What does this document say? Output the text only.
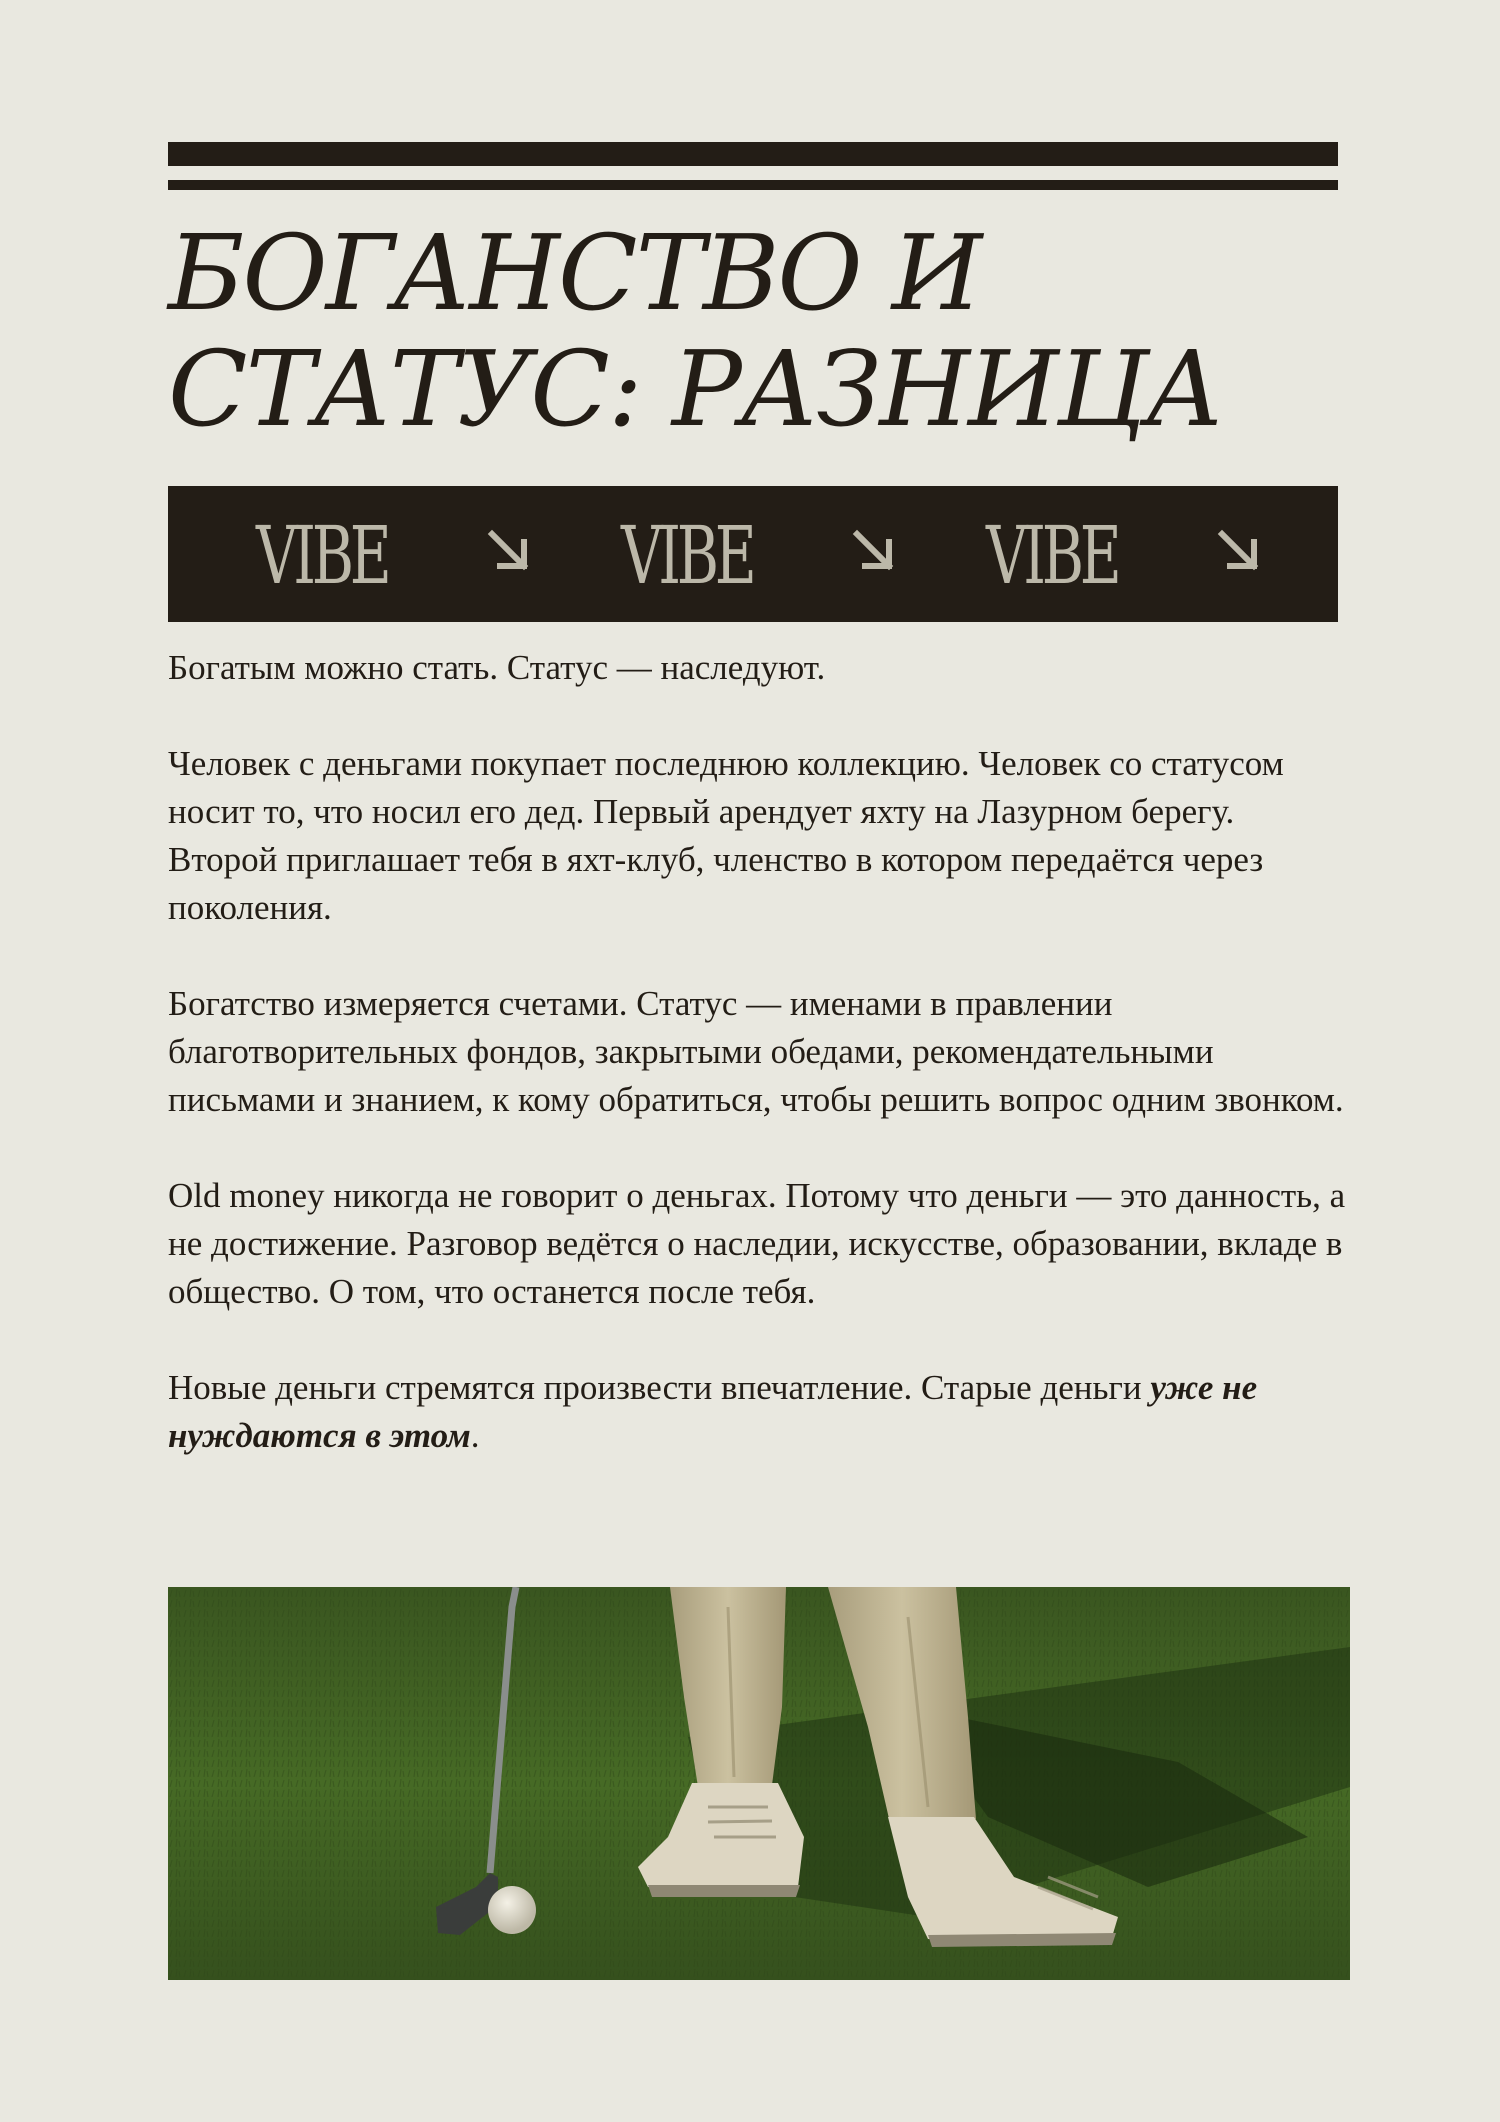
БОГАНСТВО И СТАТУС: РАЗНИЦА
VIBE	VIBE	VIBE

Богатым можно стать. Статус — наследуют.

Человек с деньгами покупает последнюю коллекцию. Человек со статусом носит то, что носил его дед. Первый арендует яхту на Лазурном берегу. Второй приглашает тебя в яхт-клуб, членство в котором передаётся через поколения.

Богатство измеряется счетами. Статус — именами в правлении благотворительных фондов, закрытыми обедами, рекомендательными письмами и знанием, к кому обратиться, чтобы решить вопрос одним звонком.

Old money никогда не говорит о деньгах. Потому что деньги — это данность, а не достижение. Разговор ведётся о наследии, искусстве, образовании, вкладе в общество. О том, что останется после тебя.

Новые деньги стремятся произвести впечатление. Старые деньги уже не нуждаются в этом.
